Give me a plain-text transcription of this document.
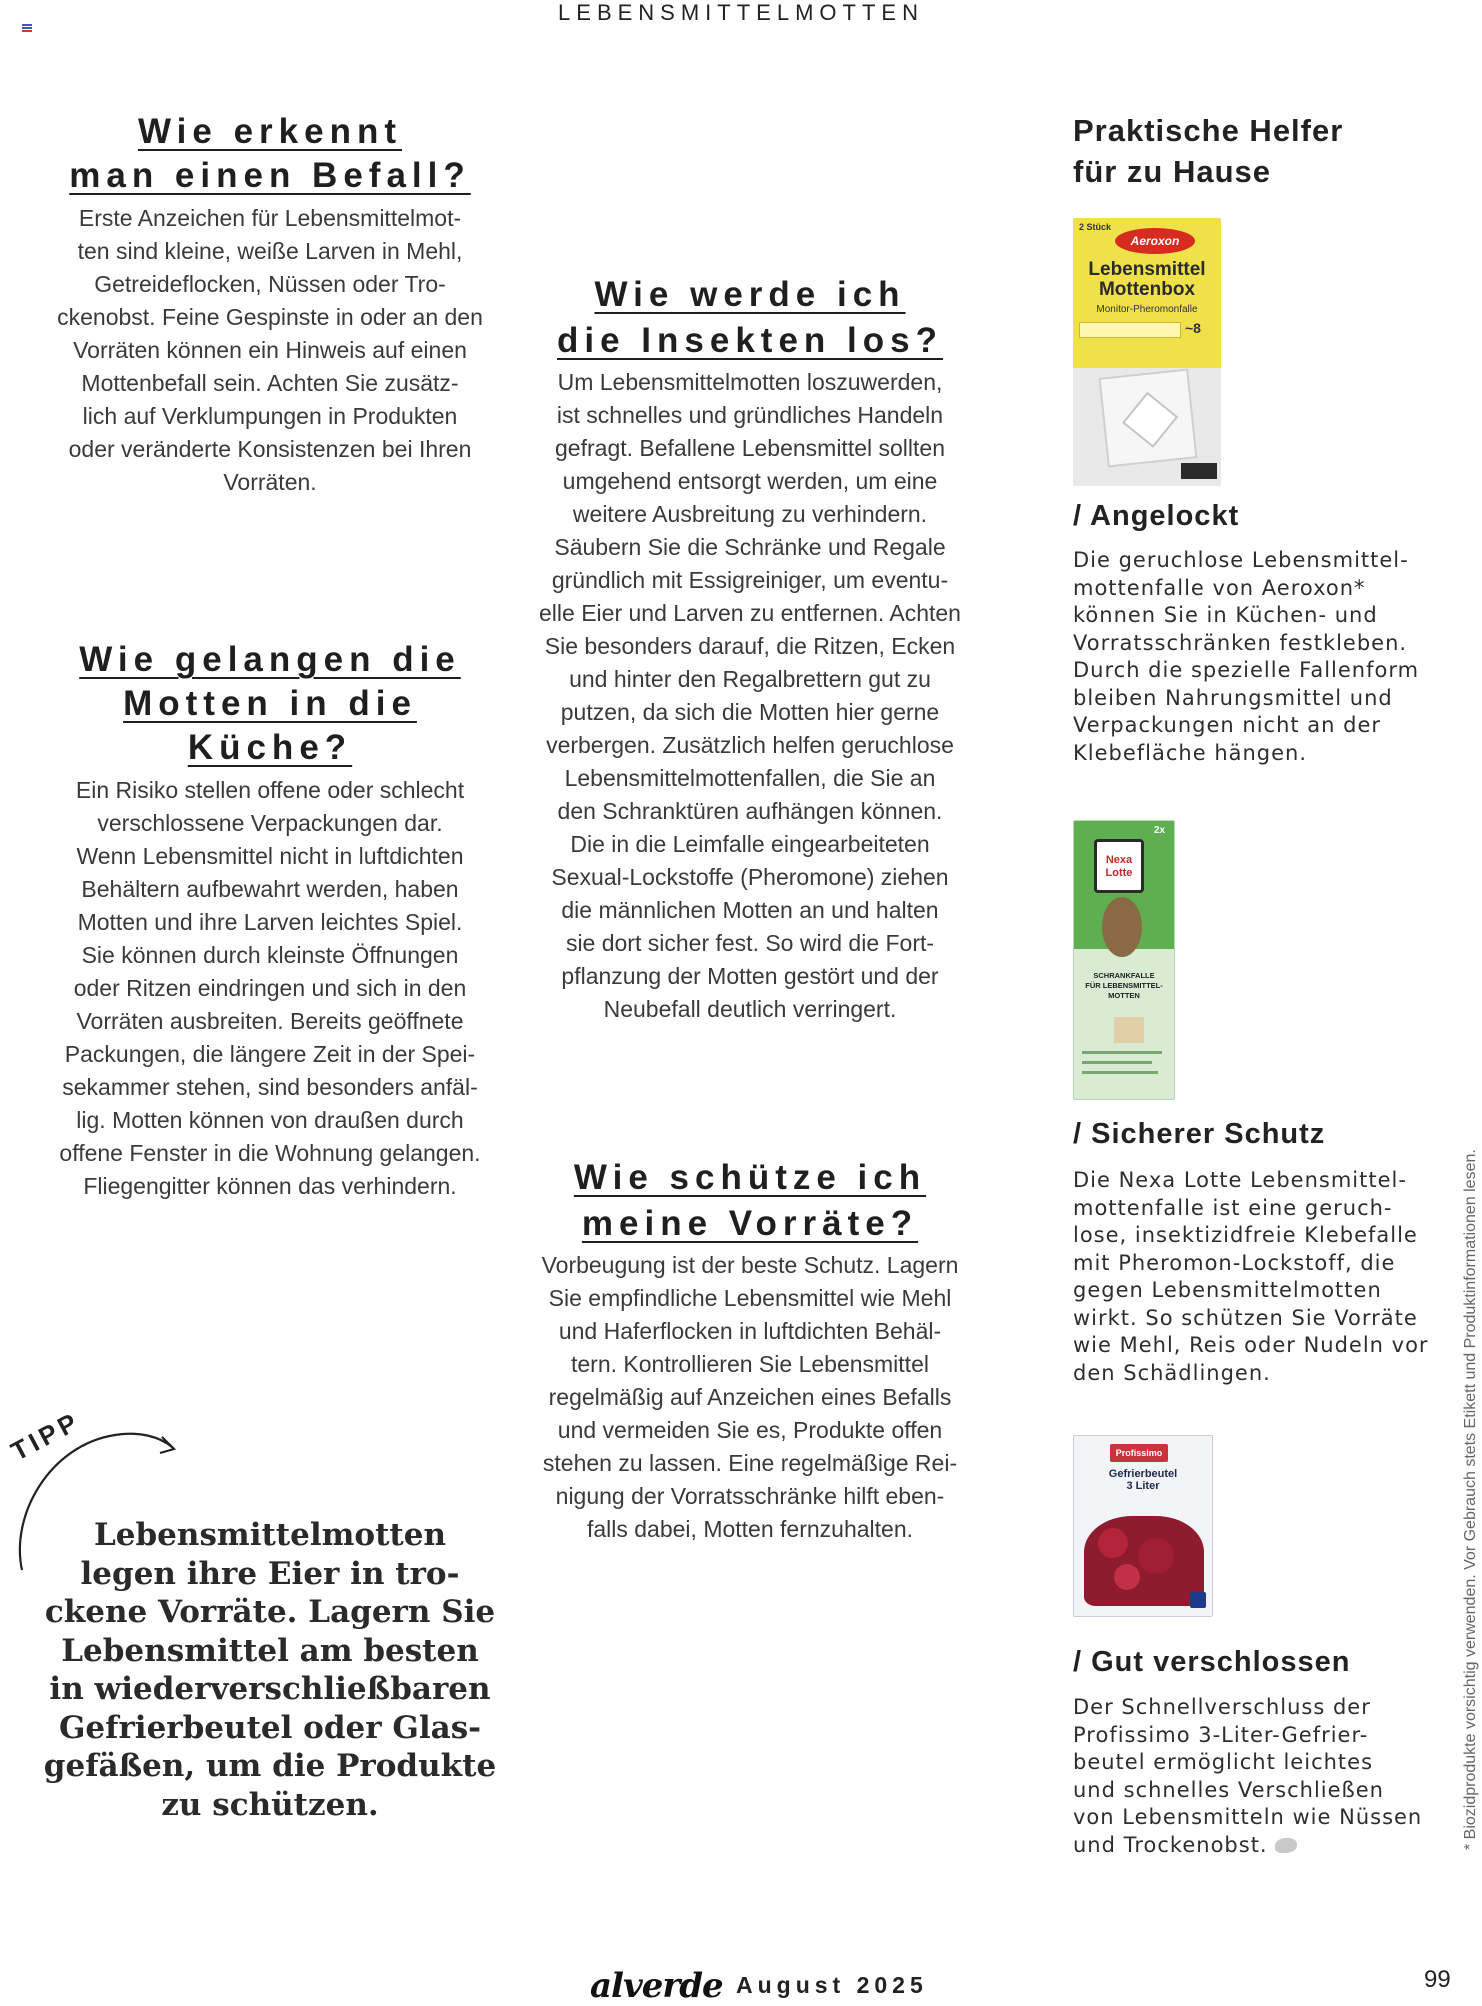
LEBENSMITTELMOTTEN
Wie erkennt
man einen Befall?
Erste Anzeichen für Lebensmittelmot-
ten sind kleine, weiße Larven in Mehl,
Getreideflocken, Nüssen oder Tro-
ckenobst. Feine Gespinste in oder an den
Vorräten können ein Hinweis auf einen
Mottenbefall sein. Achten Sie zusätz-
lich auf Verklumpungen in Produkten
oder veränderte Konsistenzen bei Ihren
Vorräten.
Wie gelangen die
Motten in die Küche?
Ein Risiko stellen offene oder schlecht
verschlossene Verpackungen dar.
Wenn Lebensmittel nicht in luftdichten
Behältern aufbewahrt werden, haben
Motten und ihre Larven leichtes Spiel.
Sie können durch kleinste Öffnungen
oder Ritzen eindringen und sich in den
Vorräten ausbreiten. Bereits geöffnete
Packungen, die längere Zeit in der Spei-
sekammer stehen, sind besonders anfäl-
lig. Motten können von draußen durch
offene Fenster in die Wohnung gelangen.
Fliegengitter können das verhindern.
Wie werde ich
die Insekten los?
Um Lebensmittelmotten loszuwerden,
ist schnelles und gründliches Handeln
gefragt. Befallene Lebensmittel sollten
umgehend entsorgt werden, um eine
weitere Ausbreitung zu verhindern.
Säubern Sie die Schränke und Regale
gründlich mit Essigreiniger, um eventu-
elle Eier und Larven zu entfernen. Achten
Sie besonders darauf, die Ritzen, Ecken
und hinter den Regalbrettern gut zu
putzen, da sich die Motten hier gerne
verbergen. Zusätzlich helfen geruchlose
Lebensmittelmottenfallen, die Sie an
den Schranktüren aufhängen können.
Die in die Leimfalle eingearbeiteten
Sexual-Lockstoffe (Pheromone) ziehen
die männlichen Motten an und halten
sie dort sicher fest. So wird die Fort-
pflanzung der Motten gestört und der
Neubefall deutlich verringert.
Wie schütze ich
meine Vorräte?
Vorbeugung ist der beste Schutz. Lagern
Sie empfindliche Lebensmittel wie Mehl
und Haferflocken in luftdichten Behäl-
tern. Kontrollieren Sie Lebensmittel
regelmäßig auf Anzeichen eines Befalls
und vermeiden Sie es, Produkte offen
stehen zu lassen. Eine regelmäßige Rei-
nigung der Vorratsschränke hilft eben-
falls dabei, Motten fernzuhalten.
TIPP
Lebensmittelmotten
legen ihre Eier in tro-
ckene Vorräte. Lagern Sie
Lebensmittel am besten
in wiederverschließbaren
Gefrierbeutel oder Glas-
gefäßen, um die Produkte
zu schützen.
Praktische Helfer
für zu Hause
2 Stück
Aeroxon
Lebensmittel
Mottenbox
Monitor-Pheromonfalle
~8
/ Angelockt
Die geruchlose Lebensmittel-
mottenfalle von Aeroxon*
können Sie in Küchen- und
Vorratsschränken festkleben.
Durch die spezielle Fallenform
bleiben Nahrungsmittel und
Verpackungen nicht an der
Klebefläche hängen.
2x
Nexa
Lotte
SCHRANKFALLE
FÜR LEBENSMITTEL-
MOTTEN
/ Sicherer Schutz
Die Nexa Lotte Lebensmittel-
mottenfalle ist eine geruch-
lose, insektizidfreie Klebefalle
mit Pheromon-Lockstoff, die
gegen Lebensmittelmotten
wirkt. So schützen Sie Vorräte
wie Mehl, Reis oder Nudeln vor
den Schädlingen.
Profissimo
Gefrierbeutel
3 Liter
/ Gut verschlossen
Der Schnellverschluss der
Profissimo 3-Liter-Gefrier-
beutel ermöglicht leichtes
und schnelles Verschließen
von Lebensmitteln wie Nüssen
und Trockenobst.	* Biozidprodukte vorsichtig verwenden. Vor Gebrauch stets Etikett und Produktinformationen lesen.
alverde August 2025	99
